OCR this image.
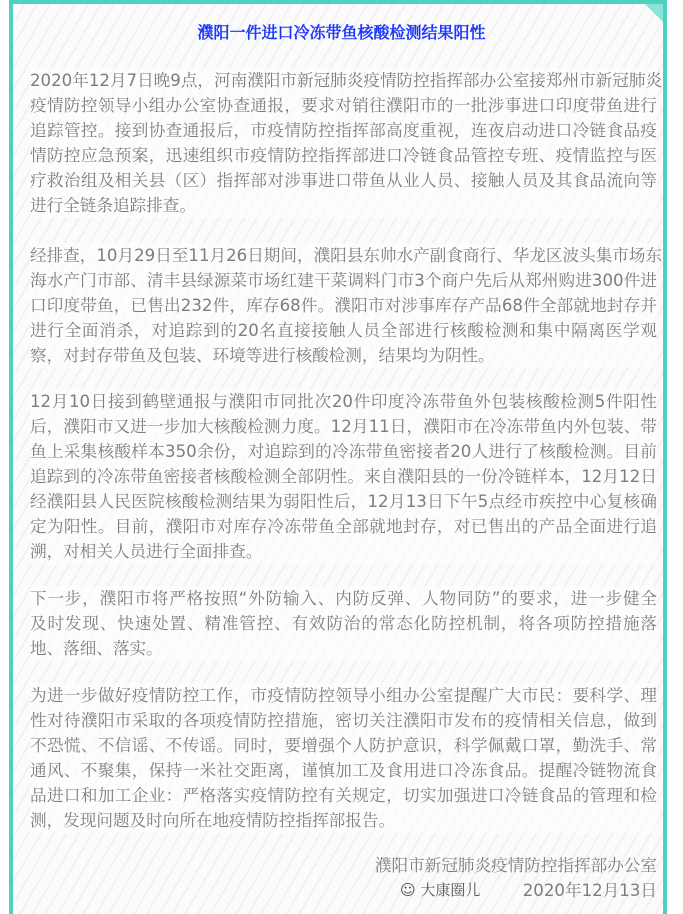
濮阳一件进口冷冻带鱼核酸检测结果阳性
2020年12月7日晚9点，河南濮阳市新冠肺炎疫情防控指挥部办公室接郑州市新冠肺炎
疫情防控领导小组办公室协查通报，要求对销往濮阳市的一批涉事进口印度带鱼进行
追踪管控。接到协查通报后，市疫情防控指挥部高度重视，连夜启动进口冷链食品疫
情防控应急预案，迅速组织市疫情防控指挥部进口冷链食品管控专班、疫情监控与医
疗救治组及相关县（区）指挥部对涉事进口带鱼从业人员、接触人员及其食品流向等
进行全链条追踪排查。
经排查，10月29日至11月26日期间，濮阳县东帅水产副食商行、华龙区波头集市场东
海水产门市部、清丰县绿源菜市场红建干菜调料门市3个商户先后从郑州购进300件进
口印度带鱼，已售出232件，库存68件。濮阳市对涉事库存产品68件全部就地封存并
进行全面消杀，对追踪到的20名直接接触人员全部进行核酸检测和集中隔离医学观
察，对封存带鱼及包装、环境等进行核酸检测，结果均为阴性。
12月10日接到鹤壁通报与濮阳市同批次20件印度冷冻带鱼外包装核酸检测5件阳性
后，濮阳市又进一步加大核酸检测力度。12月11日，濮阳市在冷冻带鱼内外包装、带
鱼上采集核酸样本350余份，对追踪到的冷冻带鱼密接者20人进行了核酸检测。目前
追踪到的冷冻带鱼密接者核酸检测全部阴性。来自濮阳县的一份冷链样本，12月12日
经濮阳县人民医院核酸检测结果为弱阳性后，12月13日下午5点经市疾控中心复核确
定为阳性。目前，濮阳市对库存冷冻带鱼全部就地封存，对已售出的产品全面进行追
溯，对相关人员进行全面排查。
下一步，濮阳市将严格按照“外防输入、内防反弹、人物同防”的要求，进一步健全
及时发现、快速处置、精准管控、有效防治的常态化防控机制，将各项防控措施落
地、落细、落实。
为进一步做好疫情防控工作，市疫情防控领导小组办公室提醒广大市民：要科学、理
性对待濮阳市采取的各项疫情防控措施，密切关注濮阳市发布的疫情相关信息，做到
不恐慌、不信谣、不传谣。同时，要增强个人防护意识，科学佩戴口罩，勤洗手、常
通风、不聚集，保持一米社交距离，谨慎加工及食用进口冷冻食品。提醒冷链物流食
品进口和加工企业：严格落实疫情防控有关规定，切实加强进口冷链食品的管理和检
测，发现问题及时向所在地疫情防控指挥部报告。
濮阳市新冠肺炎疫情防控指挥部办公室
2020年12月13日
☺ 大康圈儿
